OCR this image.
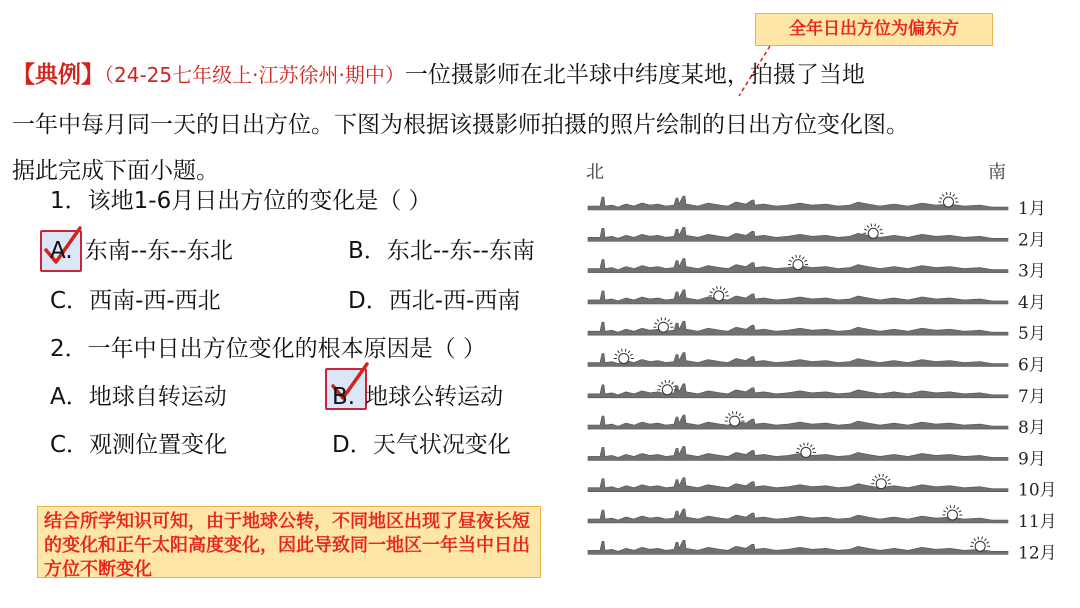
全年日出方位为偏东方
【典例】（24-25七年级上·江苏徐州·期中）一位摄影师在北半球中纬度某地，拍摄了当地
一年中每月同一天的日出方位。下图为根据该摄影师拍摄的照片绘制的日出方位变化图。
据此完成下面小题。
1．该地1-6月日出方位的变化是（ ）
A. 东南--东--东北	B．东北--东--东南
C．西南-西-西北	D．西北-西-西南
2．一年中日出方位变化的根本原因是（ ）
A．地球自转运动	B. 地球公转运动
C．观测位置变化	D．天气状况变化
结合所学知识可知，由于地球公转，不同地区出现了昼夜长短的变化和正午太阳高度变化，因此导致同一地区一年当中日出方位不断变化
北	南
1月
2月
3月
4月
5月
6月
7月
8月
9月
10月
11月
12月
